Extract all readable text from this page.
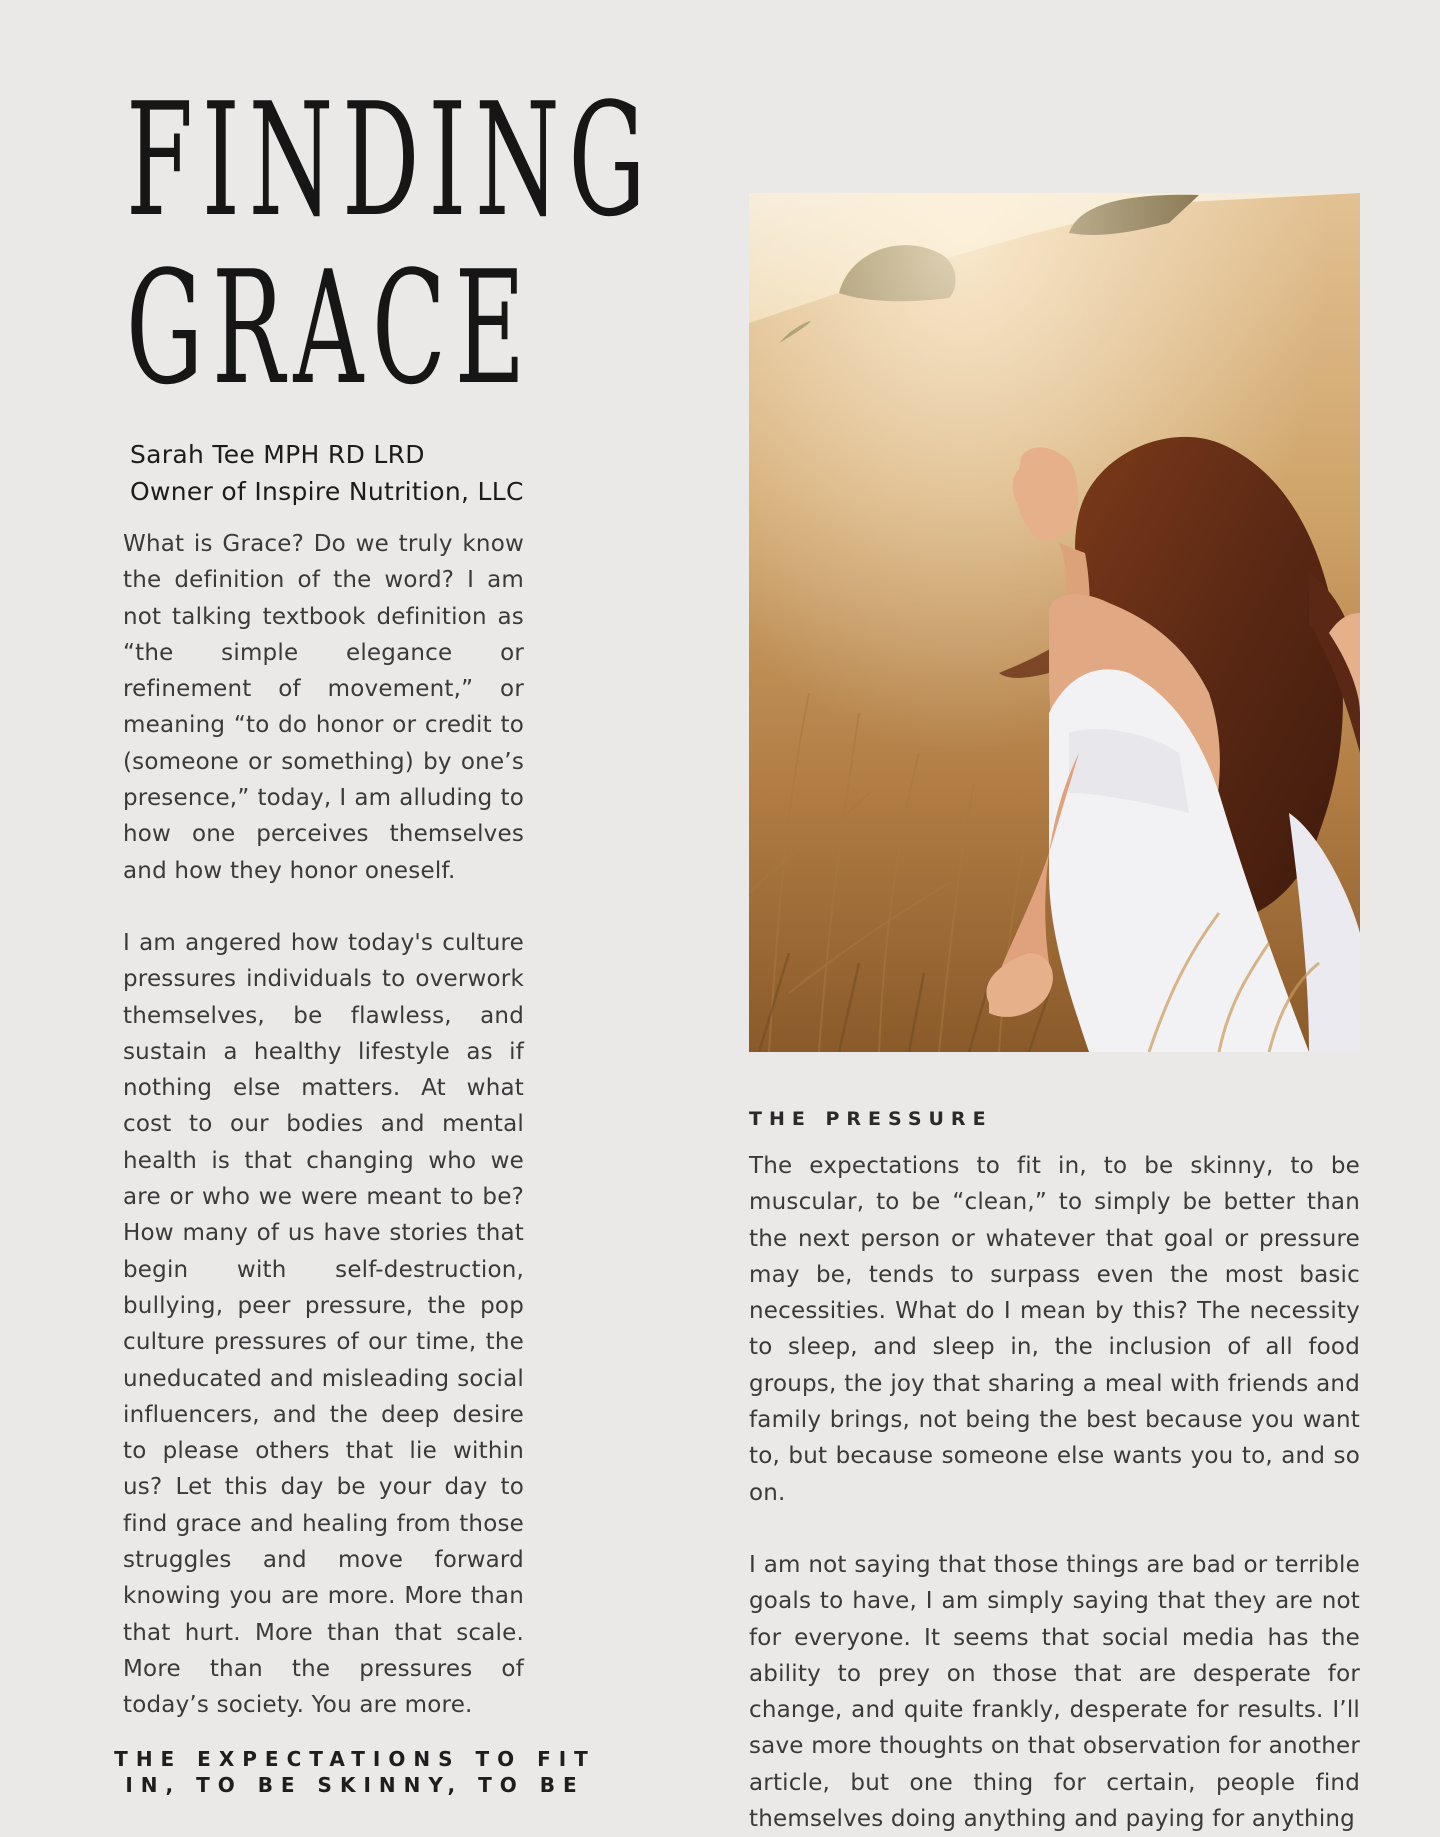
FINDING
GRACE
Sarah Tee MPH RD LRD
Owner of Inspire Nutrition, LLC

What is Grace? Do we truly know the definition of the word? I am not talking textbook definition as “the simple elegance or refinement of movement,” or meaning “to do honor or credit to (someone or something) by one’s presence,” today, I am alluding to how one perceives themselves and how they honor oneself.

I am angered how today's culture pressures individuals to overwork themselves, be flawless, and sustain a healthy lifestyle as if nothing else matters. At what cost to our bodies and mental health is that changing who we are or who we were meant to be? How many of us have stories that begin with self-destruction, bullying, peer pressure, the pop culture pressures of our time, the uneducated and misleading social influencers, and the deep desire to please others that lie within us? Let this day be your day to find grace and healing from those struggles and move forward knowing you are more. More than that hurt. More than that scale. More than the pressures of today’s society. You are more.

THE EXPECTATIONS TO FIT IN, TO BE SKINNY, TO BE
THE PRESSURE

The expectations to fit in, to be skinny, to be muscular, to be “clean,” to simply be better than the next person or whatever that goal or pressure may be, tends to surpass even the most basic necessities. What do I mean by this? The necessity to sleep, and sleep in, the inclusion of all food groups, the joy that sharing a meal with friends and family brings, not being the best because you want to, but because someone else wants you to, and so on.

I am not saying that those things are bad or terrible goals to have, I am simply saying that they are not for everyone. It seems that social media has the ability to prey on those that are desperate for change, and quite frankly, desperate for results. I’ll save more thoughts on that observation for another article, but one thing for certain, people find themselves doing anything and paying for anything
